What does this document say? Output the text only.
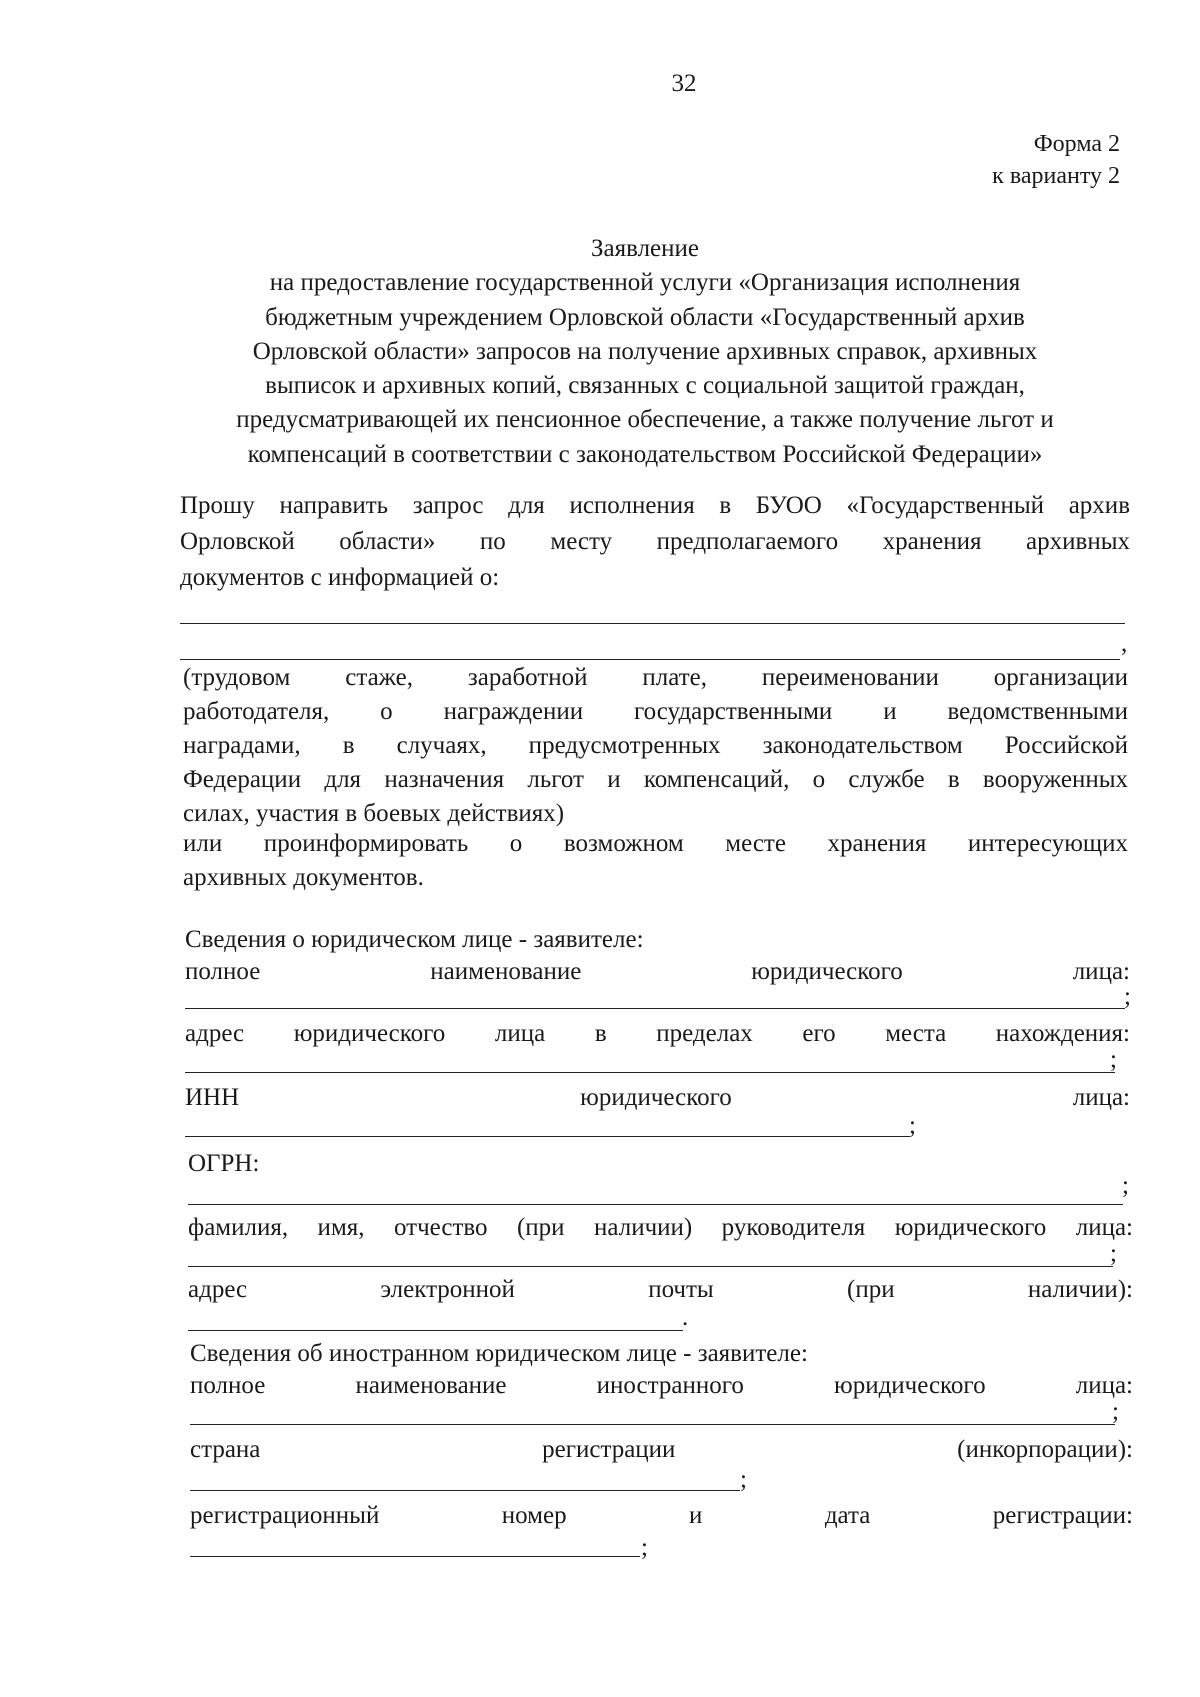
32
Форма 2
к варианту 2
Заявление
на предоставление государственной услуги «Организация исполнения
бюджетным учреждением Орловской области «Государственный архив
Орловской области» запросов на получение архивных справок, архивных
выписок и архивных копий, связанных с социальной защитой граждан,
предусматривающей их пенсионное обеспечение, а также получение льгот и
компенсаций в соответствии с законодательством Российской Федерации»
Прошу направить запрос для исполнения в БУОО «Государственный архив
Орловской области» по месту предполагаемого хранения архивных
документов с информацией о:
,
(трудовом стаже, заработной плате, переименовании организации
работодателя, о награждении государственными и ведомственными
наградами, в случаях, предусмотренных законодательством Российской
Федерации для назначения льгот и компенсаций, о службе в вооруженных
силах, участия в боевых действиях)
или проинформировать о возможном месте хранения интересующих
архивных документов.
Сведения о юридическом лице - заявителе:
полное наименование юридического лица:
;
адрес юридического лица в пределах его места нахождения:
;
ИНН юридического лица:
;
ОГРН:
;
фамилия, имя, отчество (при наличии) руководителя юридического лица:
;
адрес электронной почты (при наличии):
.
Сведения об иностранном юридическом лице - заявителе:
полное наименование иностранного юридического лица:
;
страна регистрации (инкорпорации):
;
регистрационный номер и дата регистрации:
;
